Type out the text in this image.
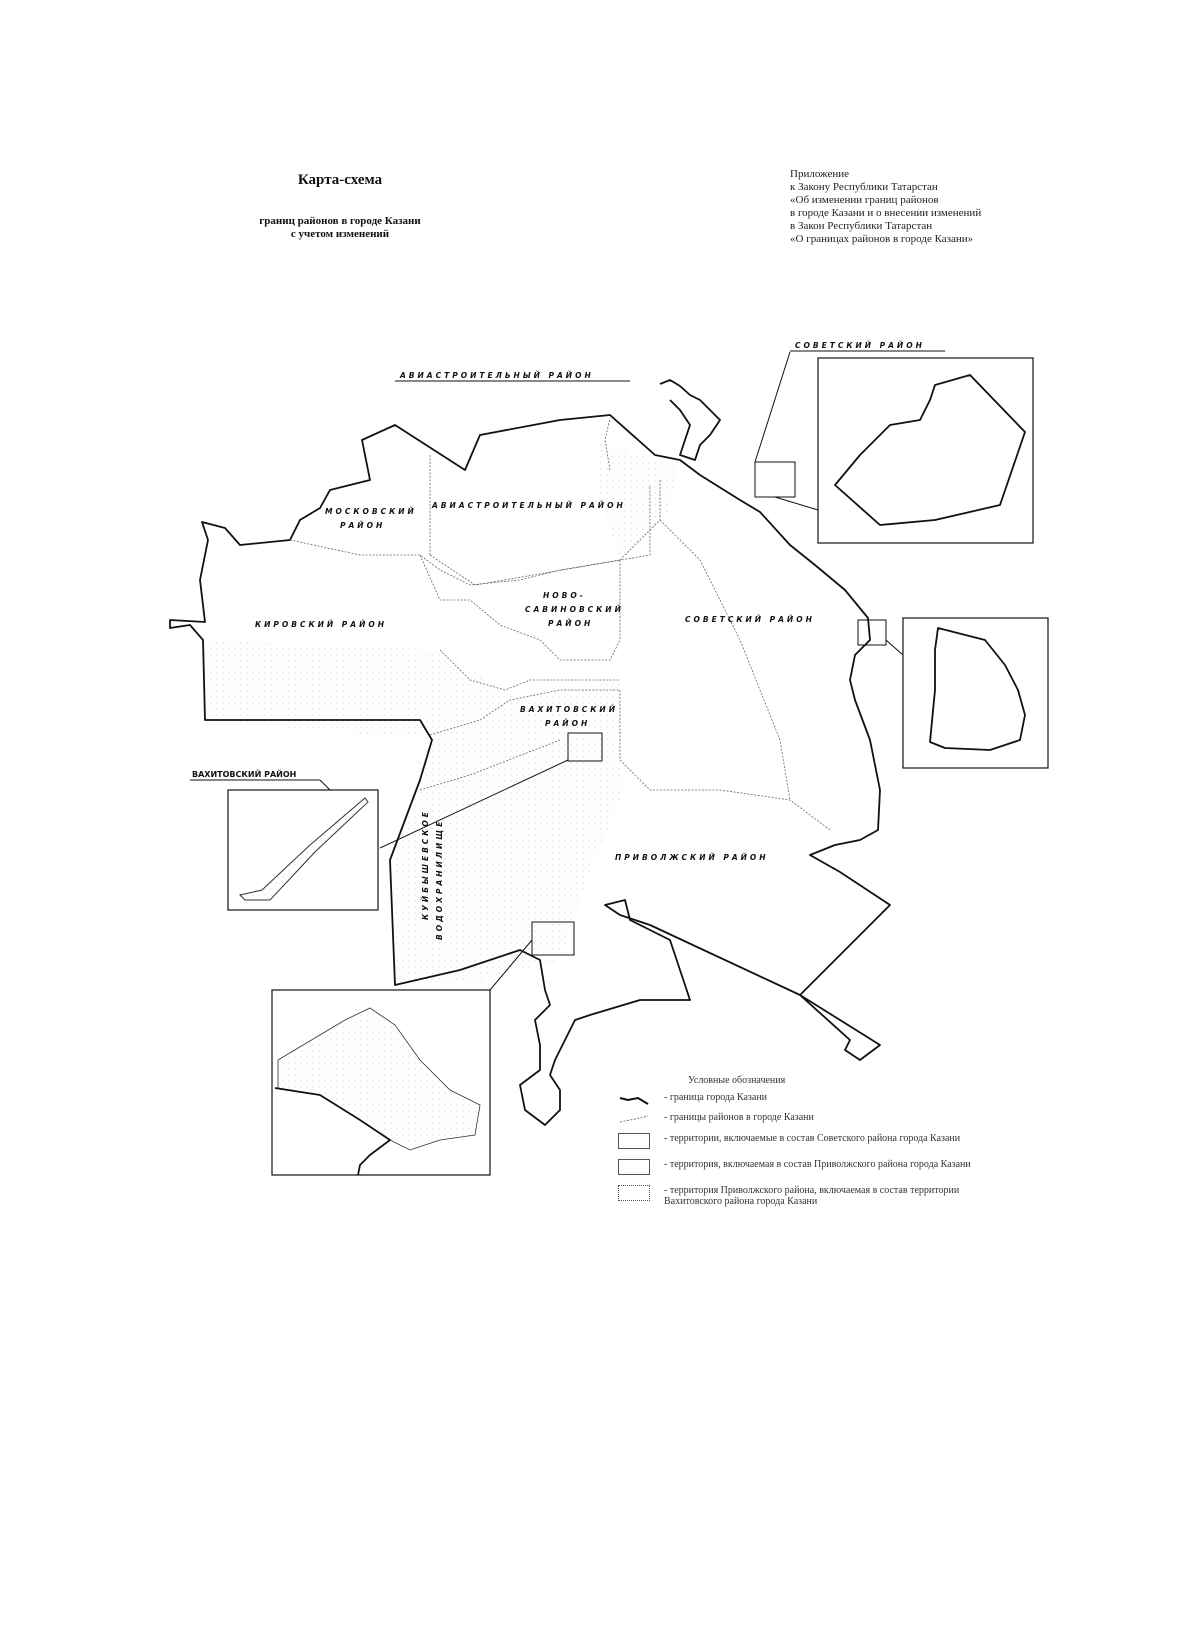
Карта-схема
границ районов в городе Казани
с учетом изменений
Приложение
к Закону Республики Татарстан
«Об изменении границ районов
в городе Казани и о внесении изменений
в Закон Республики Татарстан
«О границах районов в городе Казани»
АВИАСТРОИТЕЛЬНЫЙ РАЙОН
СОВЕТСКИЙ РАЙОН
МОСКОВСКИЙ
РАЙОН
АВИАСТРОИТЕЛЬНЫЙ РАЙОН
НОВО-
САВИНОВСКИЙ
РАЙОН
КИРОВСКИЙ РАЙОН
СОВЕТСКИЙ РАЙОН
ВАХИТОВСКИЙ
РАЙОН
ПРИВОЛЖСКИЙ РАЙОН
КУЙБЫШЕВСКОЕ ВОДОХРАНИЛИЩЕ
ВАХИТОВСКИЙ РАЙОН
Условные обозначения
- граница города Казани
- границы районов в городе Казани
- территории, включаемые в состав Советского района города Казани
- территория, включаемая в состав Приволжского района города Казани
- территория Приволжского района, включаемая в состав территории Вахитовского района города Казани
